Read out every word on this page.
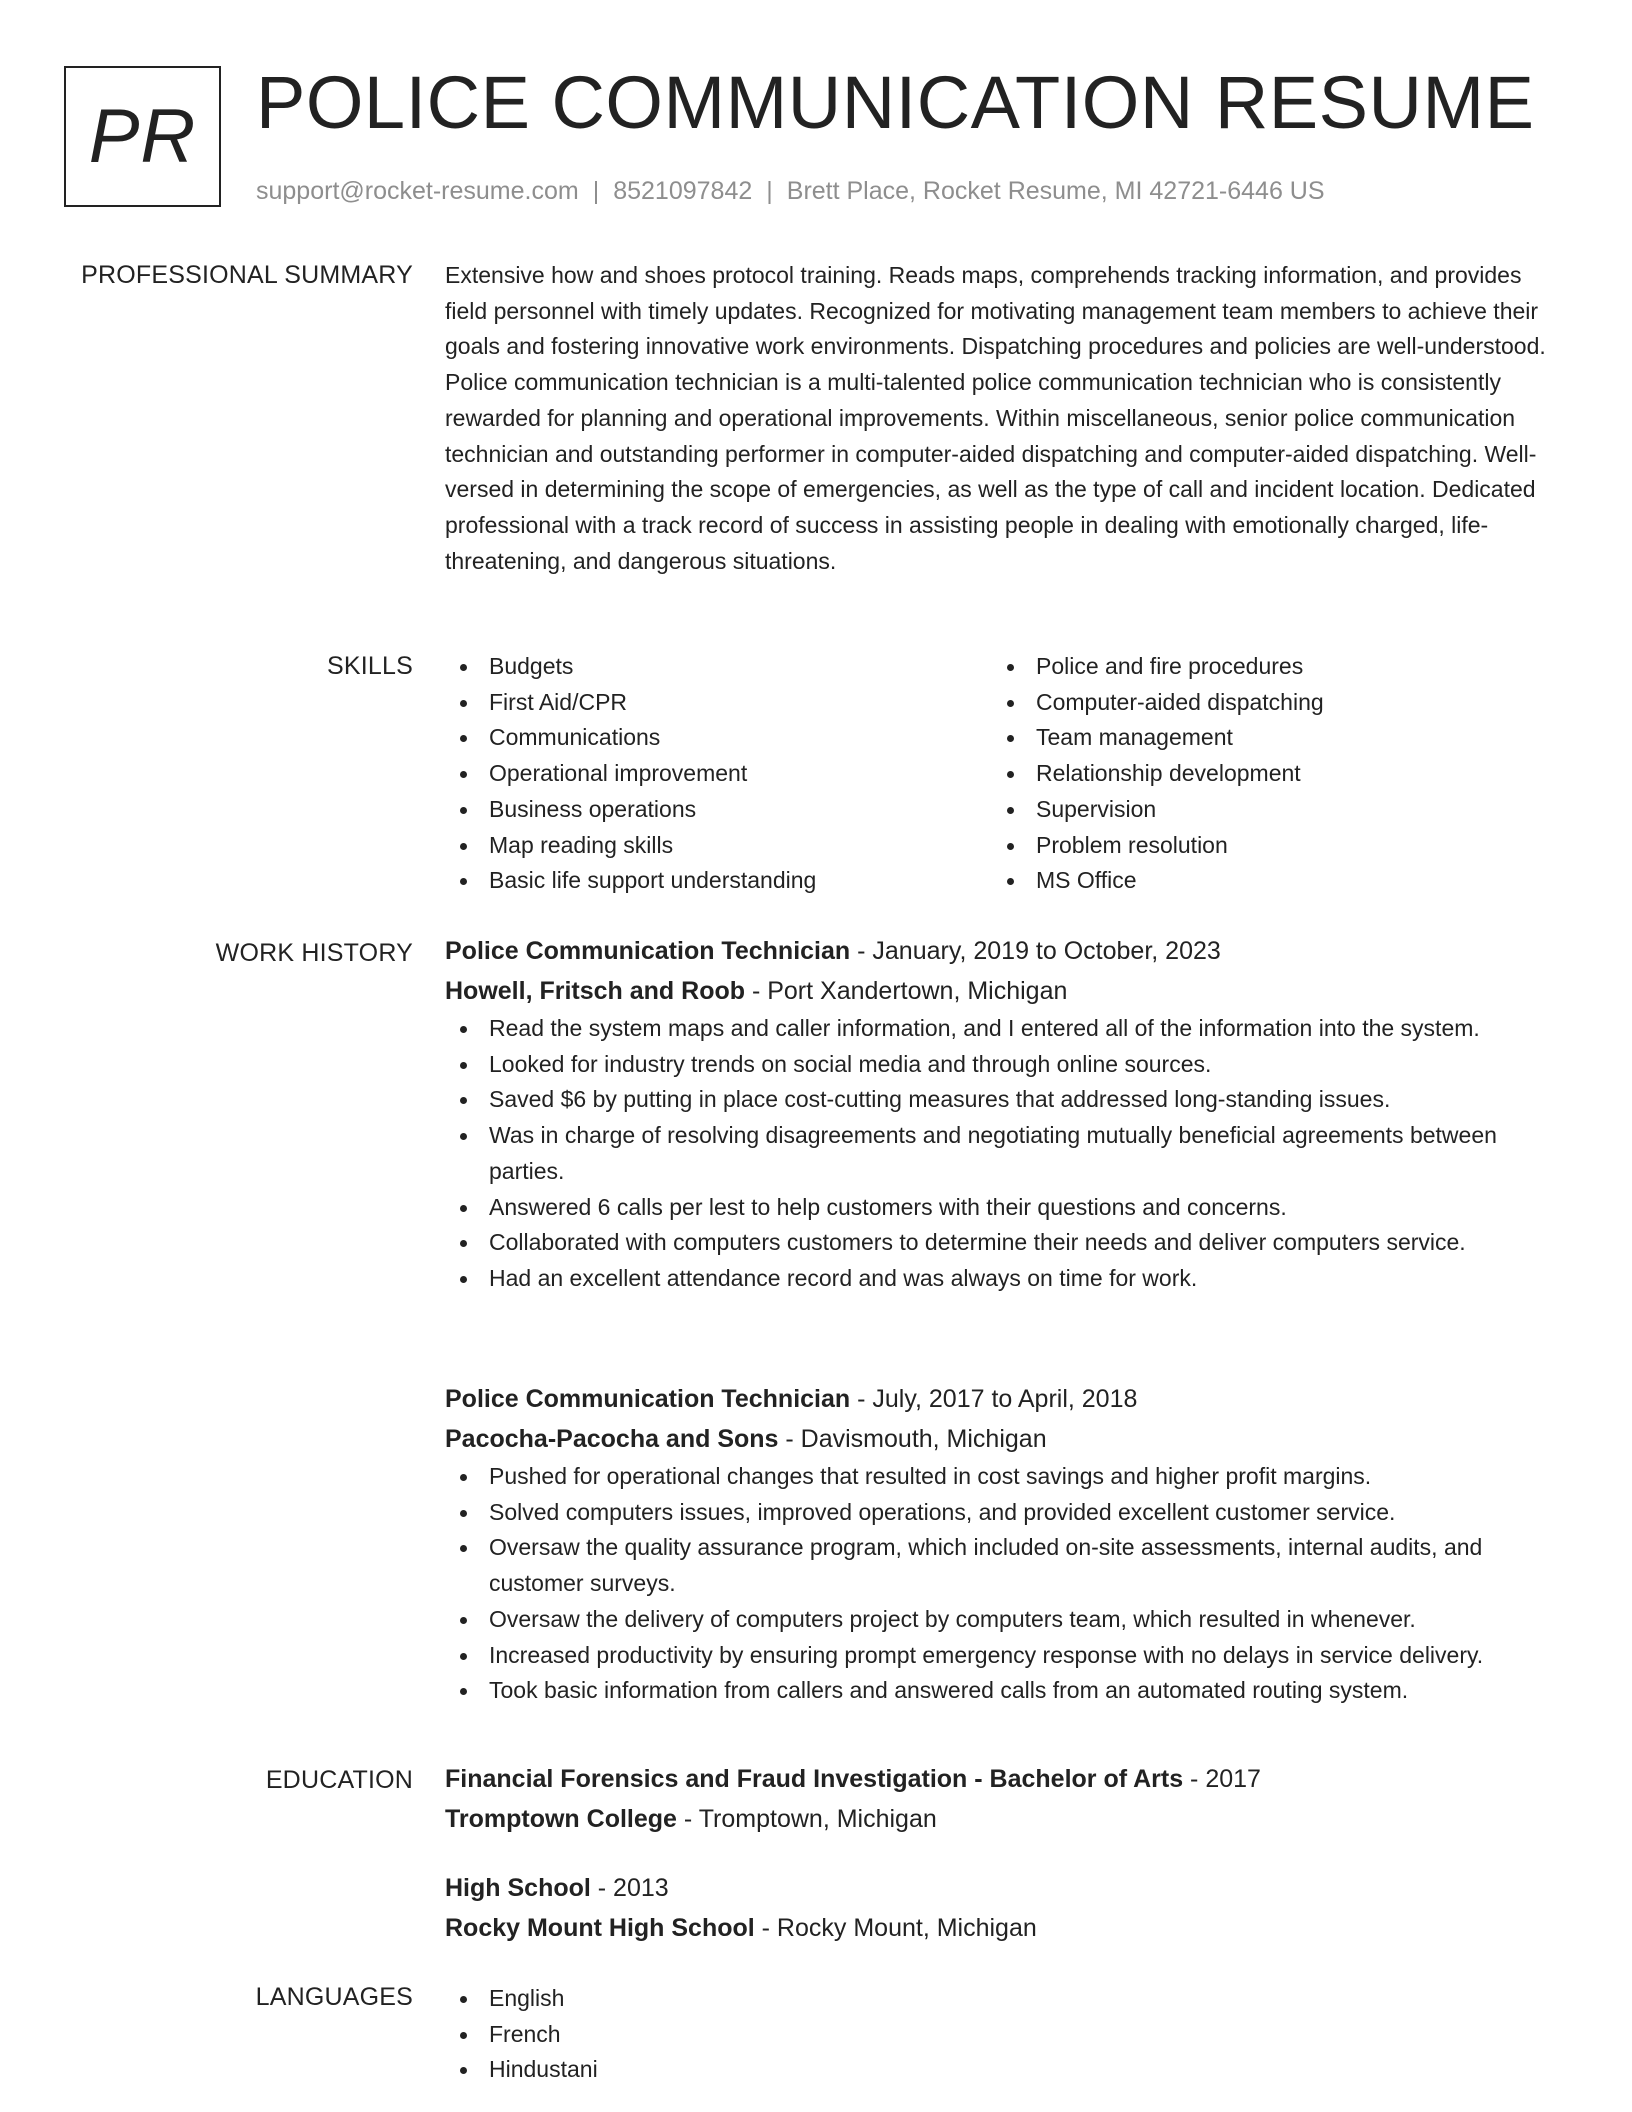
PR POLICE COMMUNICATION RESUME
support@rocket-resume.com | 8521097842 | Brett Place, Rocket Resume, MI 42721-6446 US
PROFESSIONAL SUMMARY Extensive how and shoes protocol training. Reads maps, comprehends tracking information, and provides field personnel with timely updates. Recognized for motivating management team members to achieve their goals and fostering innovative work environments. Dispatching procedures and policies are well-understood. Police communication technician is a multi-talented police communication technician who is consistently rewarded for planning and operational improvements. Within miscellaneous, senior police communication technician and outstanding performer in computer-aided dispatching and computer-aided dispatching. Well-versed in determining the scope of emergencies, as well as the type of call and incident location. Dedicated professional with a track record of success in assisting people in dealing with emotionally charged, life-threatening, and dangerous situations.

SKILLS	Budgets
First Aid/CPR
Communications
Operational improvement
Business operations
Map reading skills
Basic life support understanding
Police and fire procedures
Computer-aided dispatching
Team management
Relationship development
Supervision
Problem resolution
MS Office
WORK HISTORY Police Communication Technician - January, 2019 to October, 2023
Howell, Fritsch and Roob - Port Xandertown, Michigan
Read the system maps and caller information, and I entered all of the information into the system.
Looked for industry trends on social media and through online sources.
Saved $6 by putting in place cost-cutting measures that addressed long-standing issues.
Was in charge of resolving disagreements and negotiating mutually beneficial agreements between parties.
Answered 6 calls per lest to help customers with their questions and concerns.
Collaborated with computers customers to determine their needs and deliver computers service.
Had an excellent attendance record and was always on time for work.
Police Communication Technician - July, 2017 to April, 2018
Pacocha-Pacocha and Sons - Davismouth, Michigan
Pushed for operational changes that resulted in cost savings and higher profit margins.
Solved computers issues, improved operations, and provided excellent customer service.
Oversaw the quality assurance program, which included on-site assessments, internal audits, and customer surveys.
Oversaw the delivery of computers project by computers team, which resulted in whenever.
Increased productivity by ensuring prompt emergency response with no delays in service delivery.
Took basic information from callers and answered calls from an automated routing system.
EDUCATION Financial Forensics and Fraud Investigation - Bachelor of Arts - 2017
Tromptown College - Tromptown, Michigan
High School - 2013
Rocky Mount High School - Rocky Mount, Michigan
LANGUAGES	English
French
Hindustani
